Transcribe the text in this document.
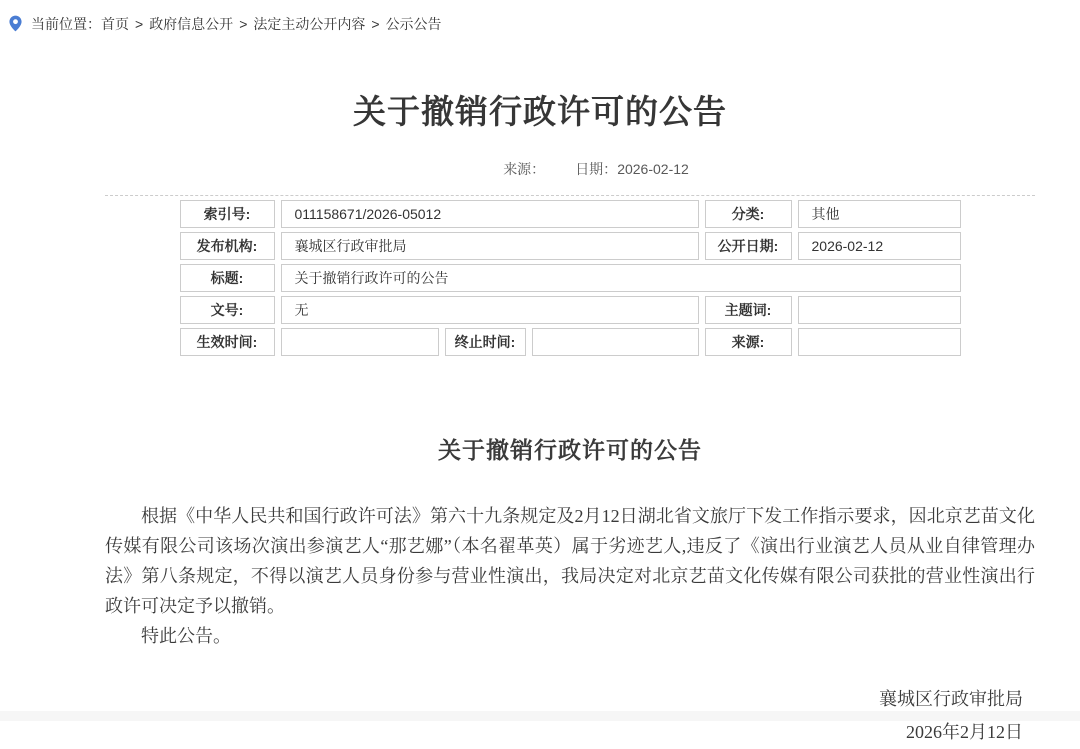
当前位置： 首页 > 政府信息公开 > 法定主动公开内容 > 公示公告
关于撤销行政许可的公告
来源： 日期：2026-02-12
索引号:	011158671/2026-05012	分类:	其他
发布机构:	襄城区行政审批局	公开日期:	2026-02-12
标题:	关于撤销行政许可的公告
文号:	无	主题词:
生效时间:	终止时间:	来源:
关于撤销行政许可的公告

根据《中华人民共和国行政许可法》第六十九条规定及2月12日湖北省文旅厅下发工作指示要求，因北京艺苗文化传媒有限公司该场次演出参演艺人“那艺娜”（本名翟革英）属于劣迹艺人,违反了《演出行业演艺人员从业自律管理办法》第八条规定，不得以演艺人员身份参与营业性演出，我局决定对北京艺苗文化传媒有限公司获批的营业性演出行政许可决定予以撤销。

特此公告。

襄城区行政审批局
2026年2月12日
